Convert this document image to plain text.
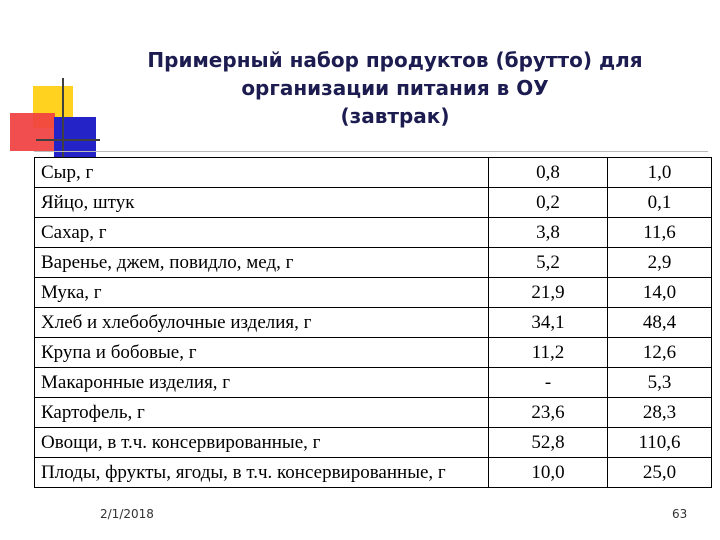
Примерный набор продуктов (брутто) для
организации питания в ОУ
(завтрак)
Сыр, г	0,8	1,0
Яйцо, штук	0,2	0,1
Сахар, г	3,8	11,6
Варенье, джем, повидло, мед, г	5,2	2,9
Мука, г	21,9	14,0
Хлеб и хлебобулочные изделия, г	34,1	48,4
Крупа и бобовые, г	11,2	12,6
Макаронные изделия, г	-	5,3
Картофель, г	23,6	28,3
Овощи, в т.ч. консервированные, г	52,8	110,6
Плоды, фрукты, ягоды, в т.ч. консервированные, г	10,0	25,0
2/1/2018	63
